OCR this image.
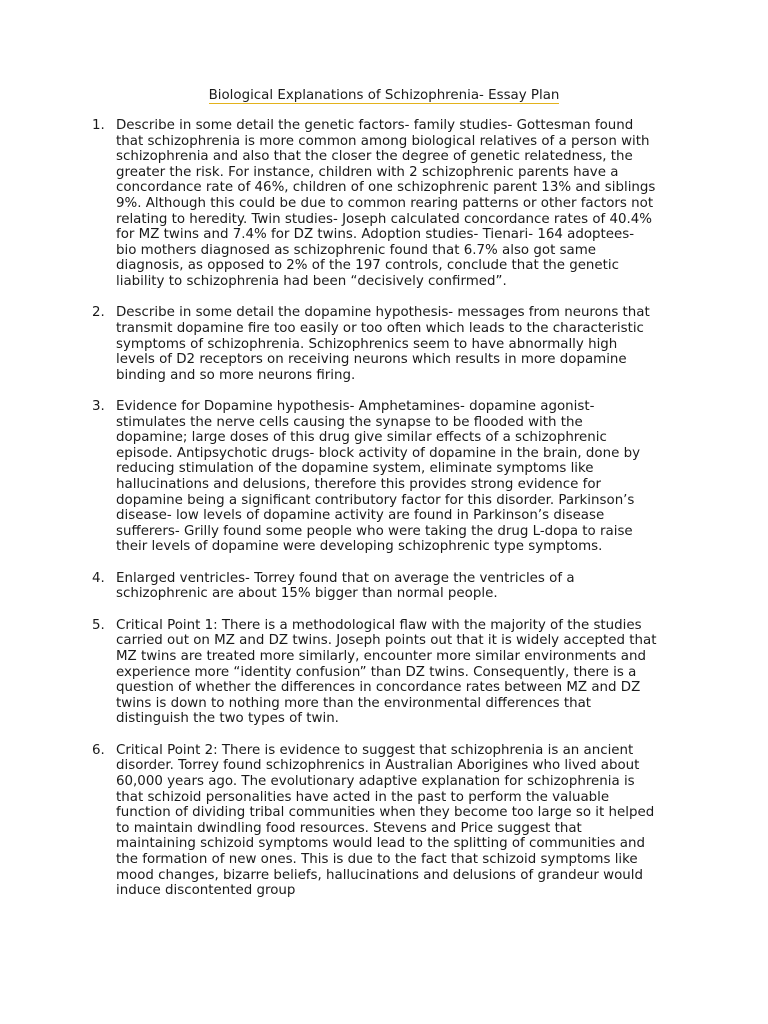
Biological Explanations of Schizophrenia- Essay Plan
1. Describe in some detail the genetic factors- family studies- Gottesman found that schizophrenia is more common among biological relatives of a person with schizophrenia and also that the closer the degree of genetic relatedness, the greater the risk. For instance, children with 2 schizophrenic parents have a concordance rate of 46%, children of one schizophrenic parent 13% and siblings 9%. Although this could be due to common rearing patterns or other factors not relating to heredity. Twin studies- Joseph calculated concordance rates of 40.4% for MZ twins and 7.4% for DZ twins. Adoption studies- Tienari- 164 adoptees- bio mothers diagnosed as schizophrenic found that 6.7% also got same diagnosis, as opposed to 2% of the 197 controls, conclude that the genetic liability to schizophrenia had been “decisively confirmed”.
2. Describe in some detail the dopamine hypothesis- messages from neurons that transmit dopamine fire too easily or too often which leads to the characteristic symptoms of schizophrenia. Schizophrenics seem to have abnormally high levels of D2 receptors on receiving neurons which results in more dopamine binding and so more neurons firing.
3. Evidence for Dopamine hypothesis- Amphetamines- dopamine agonist- stimulates the nerve cells causing the synapse to be flooded with the dopamine; large doses of this drug give similar effects of a schizophrenic episode. Antipsychotic drugs- block activity of dopamine in the brain, done by reducing stimulation of the dopamine system, eliminate symptoms like hallucinations and delusions, therefore this provides strong evidence for dopamine being a significant contributory factor for this disorder. Parkinson’s disease- low levels of dopamine activity are found in Parkinson’s disease sufferers- Grilly found some people who were taking the drug L-dopa to raise their levels of dopamine were developing schizophrenic type symptoms.
4. Enlarged ventricles- Torrey found that on average the ventricles of a schizophrenic are about 15% bigger than normal people.
5. Critical Point 1: There is a methodological flaw with the majority of the studies carried out on MZ and DZ twins. Joseph points out that it is widely accepted that MZ twins are treated more similarly, encounter more similar environments and experience more “identity confusion” than DZ twins. Consequently, there is a question of whether the differences in concordance rates between MZ and DZ twins is down to nothing more than the environmental differences that distinguish the two types of twin.
6. Critical Point 2: There is evidence to suggest that schizophrenia is an ancient disorder. Torrey found schizophrenics in Australian Aborigines who lived about 60,000 years ago. The evolutionary adaptive explanation for schizophrenia is that schizoid personalities have acted in the past to perform the valuable function of dividing tribal communities when they become too large so it helped to maintain dwindling food resources. Stevens and Price suggest that maintaining schizoid symptoms would lead to the splitting of communities and the formation of new ones. This is due to the fact that schizoid symptoms like mood changes, bizarre beliefs, hallucinations and delusions of grandeur would induce discontented group
